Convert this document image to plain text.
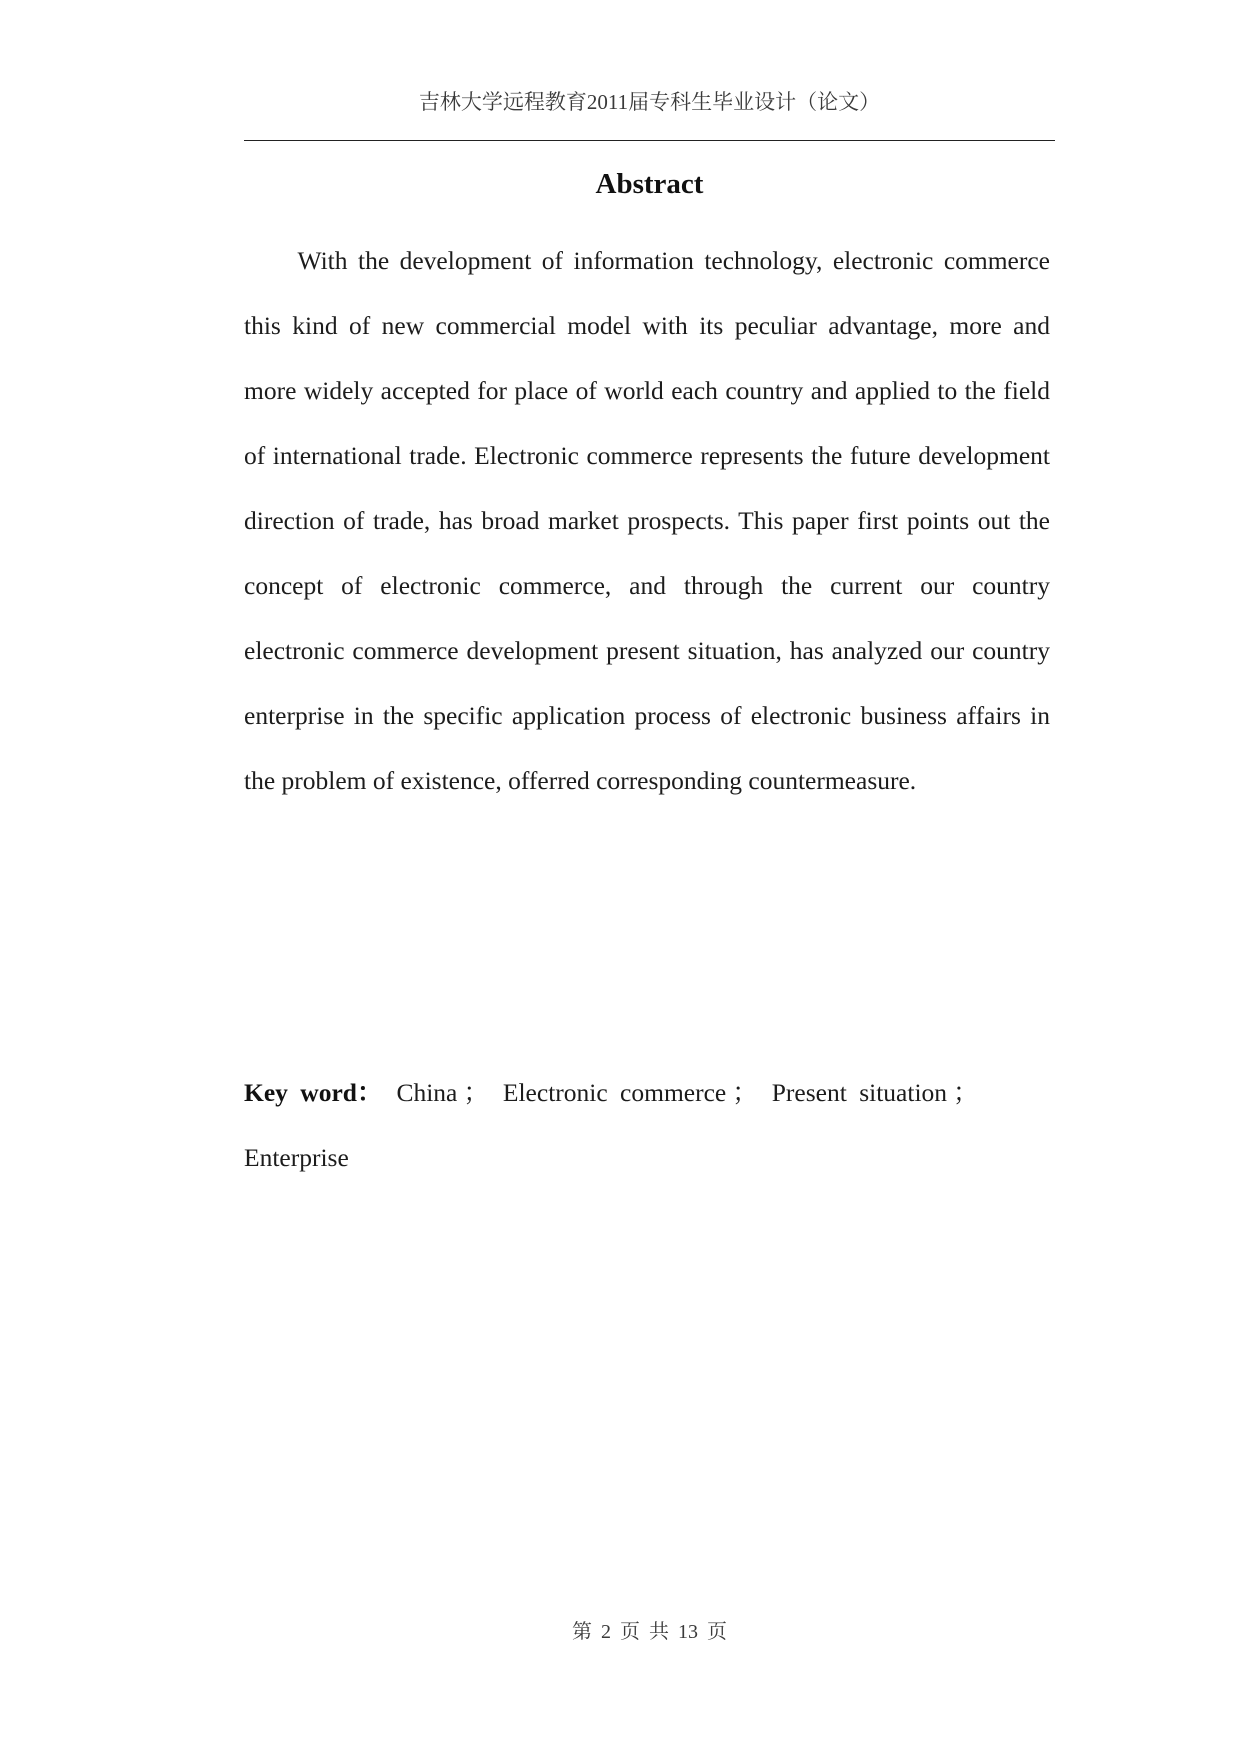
吉林大学远程教育2011届专科生毕业设计（论文）
Abstract

With the development of information technology, electronic commerce this kind of new commercial model with its peculiar advantage, more and more widely accepted for place of world each country and applied to the field of international trade. Electronic commerce represents the future development direction of trade, has broad market prospects. This paper first points out the concept of electronic commerce, and through the current our country electronic commerce development present situation, has analyzed our country enterprise in the specific application process of electronic business affairs in the problem of existence, offerred corresponding countermeasure.

Key word： China ； Electronic commerce ； Present situation ；Enterprise

第 2 页 共 13 页
